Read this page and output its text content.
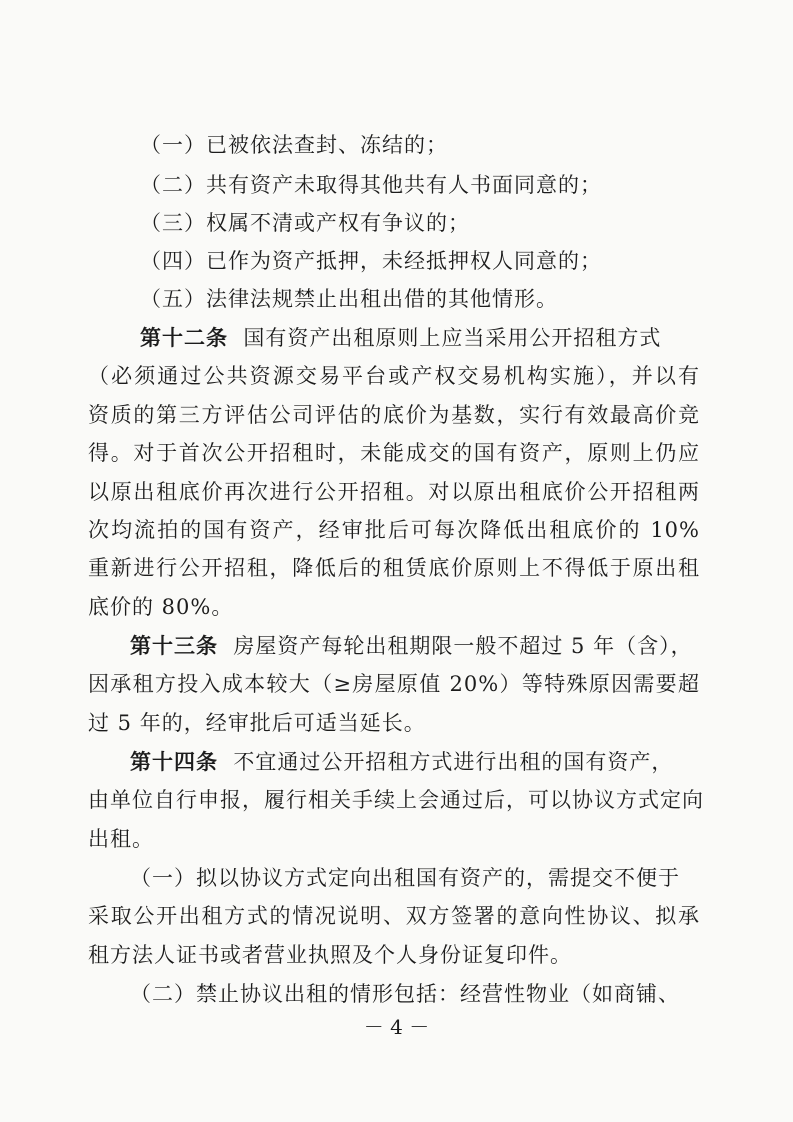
（一）已被依法查封、冻结的；
（二）共有资产未取得其他共有人书面同意的；
（三）权属不清或产权有争议的；
（四）已作为资产抵押，未经抵押权人同意的；
（五）法律法规禁止出租出借的其他情形。
第十二条 国有资产出租原则上应当采用公开招租方式
（必须通过公共资源交易平台或产权交易机构实施），并以有
资质的第三方评估公司评估的底价为基数，实行有效最高价竞
得。对于首次公开招租时，未能成交的国有资产，原则上仍应
以原出租底价再次进行公开招租。对以原出租底价公开招租两
次均流拍的国有资产，经审批后可每次降低出租底价的 10%
重新进行公开招租，降低后的租赁底价原则上不得低于原出租
底价的 80%。
第十三条 房屋资产每轮出租期限一般不超过 5 年（含），
因承租方投入成本较大（≥房屋原值 20%）等特殊原因需要超
过 5 年的，经审批后可适当延长。
第十四条 不宜通过公开招租方式进行出租的国有资产，
由单位自行申报，履行相关手续上会通过后，可以协议方式定向
出租。
（一）拟以协议方式定向出租国有资产的，需提交不便于
采取公开出租方式的情况说明、双方签署的意向性协议、拟承
租方法人证书或者营业执照及个人身份证复印件。
（二）禁止协议出租的情形包括：经营性物业（如商铺、
－ 4 －
